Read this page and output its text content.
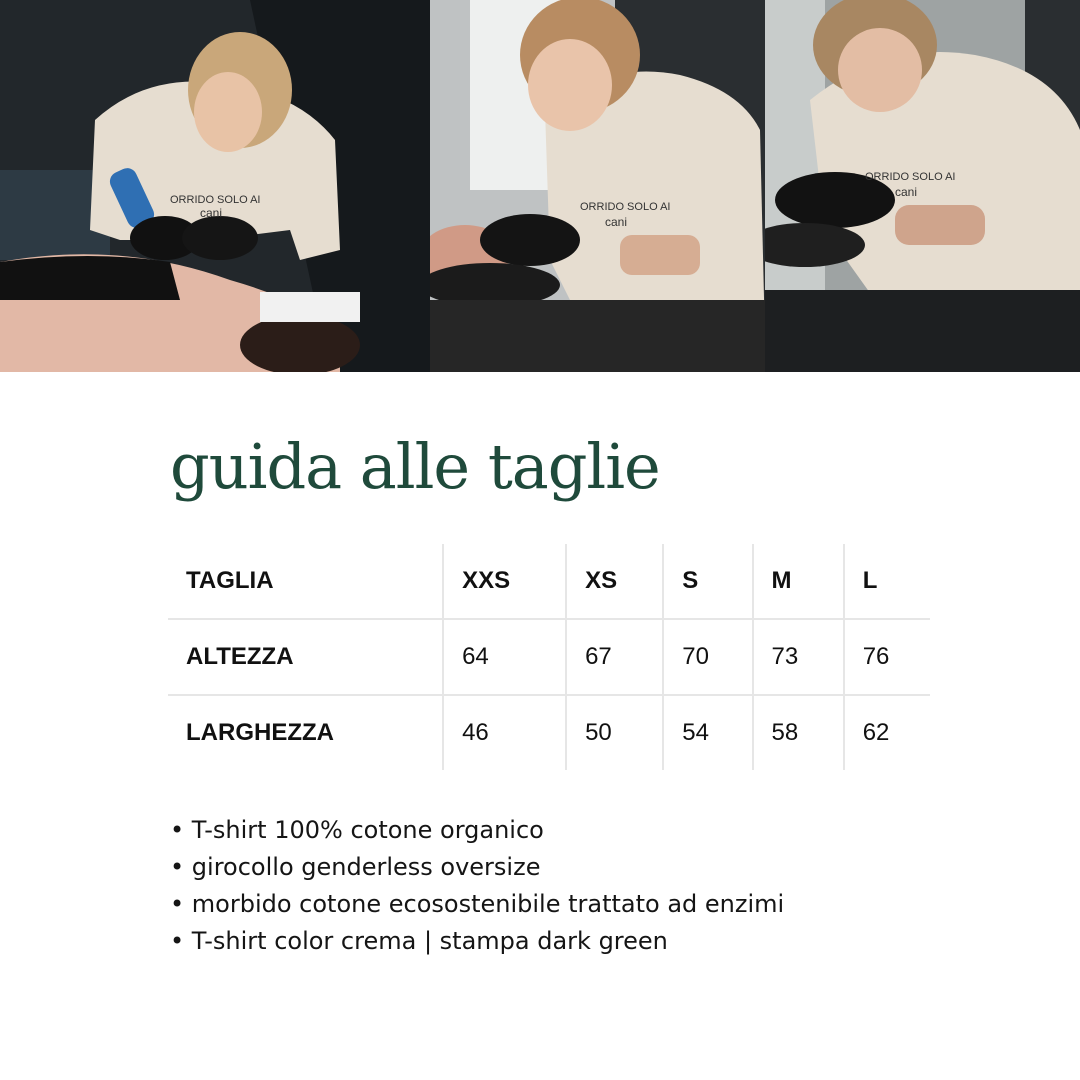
ORRIDO SOLO AI
cani	ORRIDO SOLO AI
cani
ORRIDO SOLO AI
cani
guida alle taglie
TAGLIA	XXS	XS	S	M	L
ALTEZZA	64	67	70	73	76
LARGHEZZA	46	50	54	58	62
• T-shirt 100% cotone organico
• girocollo genderless oversize
• morbido cotone ecosostenibile trattato ad enzimi
• T-shirt color crema | stampa dark green
